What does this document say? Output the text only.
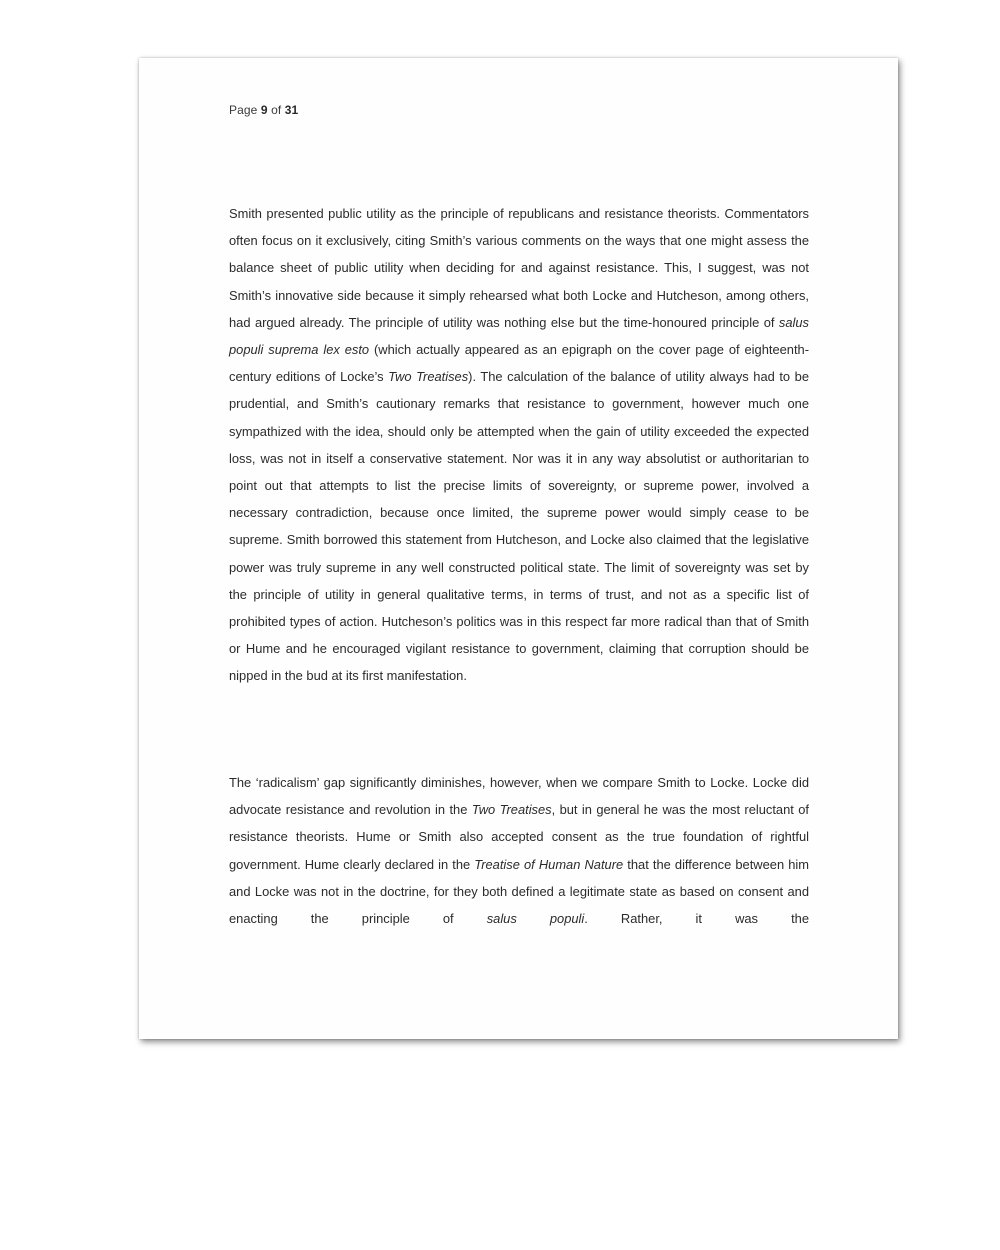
Page 9 of 31

Smith presented public utility as the principle of republicans and resistance theorists. Commentators often focus on it exclusively, citing Smith’s various comments on the ways that one might assess the balance sheet of public utility when deciding for and against resistance. This, I suggest, was not Smith’s innovative side because it simply rehearsed what both Locke and Hutcheson, among others, had argued already. The principle of utility was nothing else but the time-honoured principle of salus populi suprema lex esto (which actually appeared as an epigraph on the cover page of eighteenth-century editions of Locke’s Two Treatises). The calculation of the balance of utility always had to be prudential, and Smith’s cautionary remarks that resistance to government, however much one sympathized with the idea, should only be attempted when the gain of utility exceeded the expected loss, was not in itself a conservative statement. Nor was it in any way absolutist or authoritarian to point out that attempts to list the precise limits of sovereignty, or supreme power, involved a necessary contradiction, because once limited, the supreme power would simply cease to be supreme. Smith borrowed this statement from Hutcheson, and Locke also claimed that the legislative power was truly supreme in any well constructed political state. The limit of sovereignty was set by the principle of utility in general qualitative terms, in terms of trust, and not as a specific list of prohibited types of action. Hutcheson’s politics was in this respect far more radical than that of Smith or Hume and he encouraged vigilant resistance to government, claiming that corruption should be nipped in the bud at its first manifestation.

The ‘radicalism’ gap significantly diminishes, however, when we compare Smith to Locke. Locke did advocate resistance and revolution in the Two Treatises, but in general he was the most reluctant of resistance theorists. Hume or Smith also accepted consent as the true foundation of rightful government. Hume clearly declared in the Treatise of Human Nature that the difference between him and Locke was not in the doctrine, for they both defined a legitimate state as based on consent and enacting the principle of salus populi. Rather, it was the
